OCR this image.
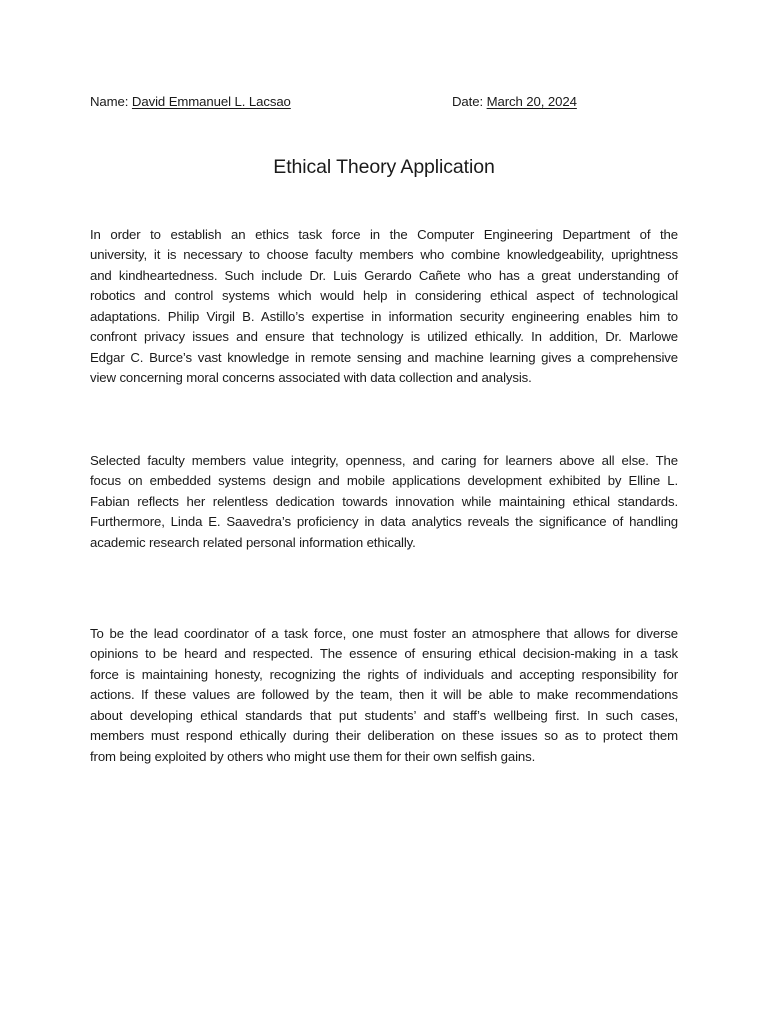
Name: David Emmanuel L. Lacsao	Date: March 20, 2024
Ethical Theory Application

In order to establish an ethics task force in the Computer Engineering Department of the
university, it is necessary to choose faculty members who combine knowledgeability, uprightness
and kindheartedness. Such include Dr. Luis Gerardo Cañete who has a great understanding of
robotics and control systems which would help in considering ethical aspect of technological
adaptations. Philip Virgil B. Astillo’s expertise in information security engineering enables him to
confront privacy issues and ensure that technology is utilized ethically. In addition, Dr. Marlowe
Edgar C. Burce’s vast knowledge in remote sensing and machine learning gives a comprehensive
view concerning moral concerns associated with data collection and analysis.

Selected faculty members value integrity, openness, and caring for learners above all else. The
focus on embedded systems design and mobile applications development exhibited by Elline L.
Fabian reflects her relentless dedication towards innovation while maintaining ethical standards.
Furthermore, Linda E. Saavedra’s proficiency in data analytics reveals the significance of handling
academic research related personal information ethically.

To be the lead coordinator of a task force, one must foster an atmosphere that allows for diverse
opinions to be heard and respected. The essence of ensuring ethical decision-making in a task
force is maintaining honesty, recognizing the rights of individuals and accepting responsibility for
actions. If these values are followed by the team, then it will be able to make recommendations
about developing ethical standards that put students’ and staff’s wellbeing first. In such cases,
members must respond ethically during their deliberation on these issues so as to protect them
from being exploited by others who might use them for their own selfish gains.
